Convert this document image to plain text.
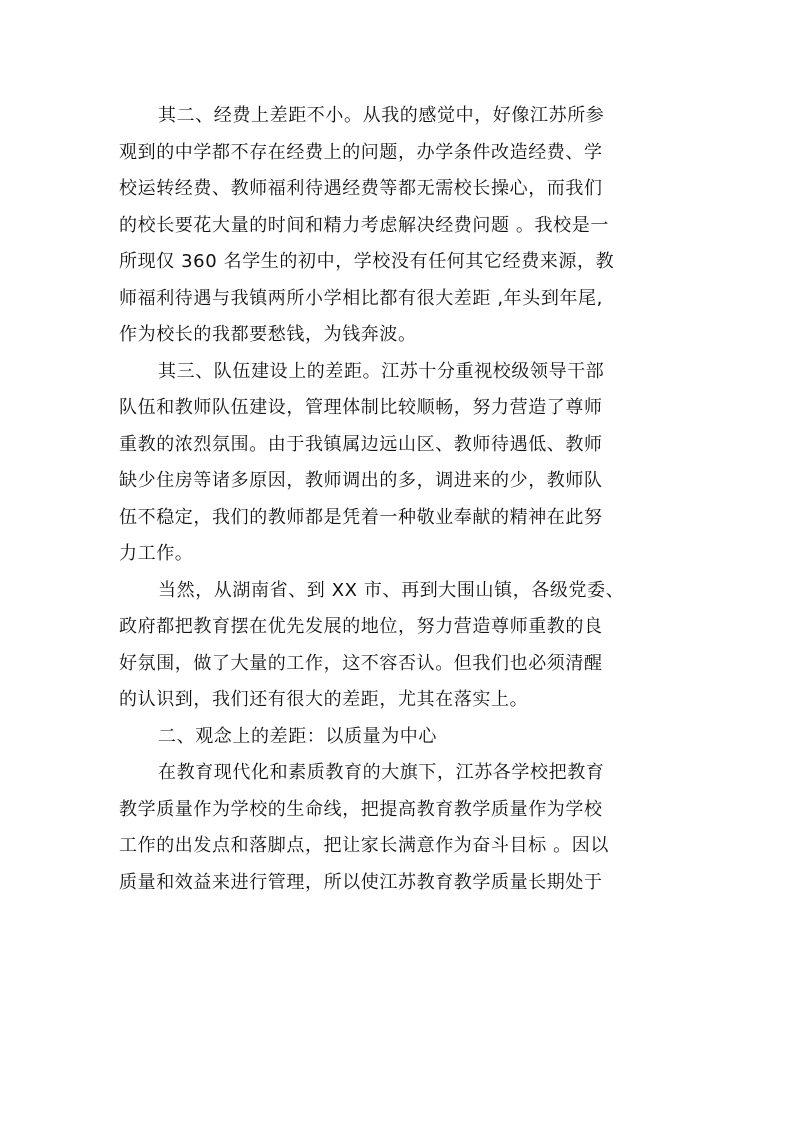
其二、经费上差距不小。从我的感觉中，好像江苏所参
观到的中学都不存在经费上的问题，办学条件改造经费、学
校运转经费、教师福利待遇经费等都无需校长操心，而我们
的校长要花大量的时间和精力考虑解决经费问题 。我校是一
所现仅 360 名学生的初中，学校没有任何其它经费来源，教
师福利待遇与我镇两所小学相比都有很大差距 ,年头到年尾,
作为校长的我都要愁钱，为钱奔波。
其三、队伍建设上的差距。江苏十分重视校级领导干部
队伍和教师队伍建设，管理体制比较顺畅，努力营造了尊师
重教的浓烈氛围。由于我镇属边远山区、教师待遇低、教师
缺少住房等诸多原因，教师调出的多，调进来的少，教师队
伍不稳定，我们的教师都是凭着一种敬业奉献的精神在此努
力工作。
当然，从湖南省、到 XX 市、再到大围山镇，各级党委、
政府都把教育摆在优先发展的地位，努力营造尊师重教的良
好氛围，做了大量的工作，这不容否认。但我们也必须清醒
的认识到，我们还有很大的差距，尤其在落实上。
二、观念上的差距：以质量为中心
在教育现代化和素质教育的大旗下，江苏各学校把教育
教学质量作为学校的生命线，把提高教育教学质量作为学校
工作的出发点和落脚点，把让家长满意作为奋斗目标 。因以
质量和效益来进行管理，所以使江苏教育教学质量长期处于
